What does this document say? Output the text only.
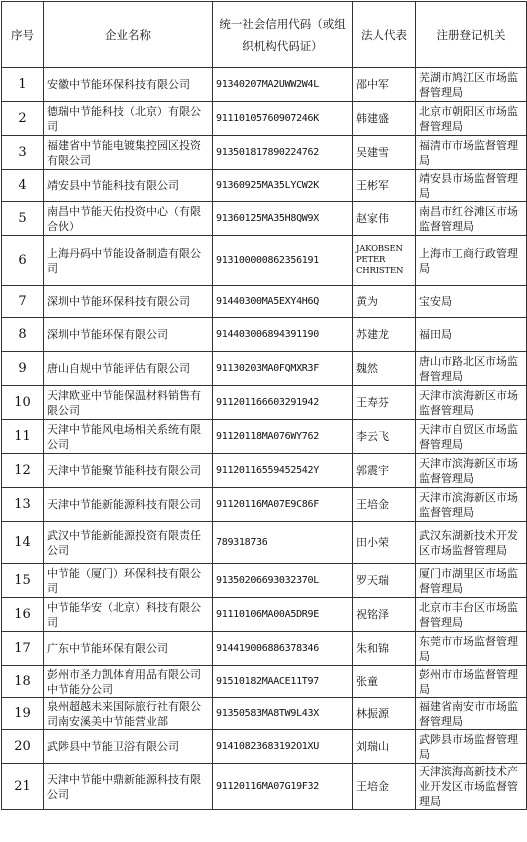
序号	企业名称	统一社会信用代码（或组织机构代码证）	法人代表	注册登记机关
1	安徽中节能环保科技有限公司	91340207MA2UWW2W4L	邵中军	芜湖市鸠江区市场监督管理局
2	德瑞中节能科技（北京）有限公司	91110105760907246K	韩建盛	北京市朝阳区市场监督管理局
3	福建省中节能电镀集控园区投资有限公司	913501817890224762	吴建雪	福清市市场监督管理局
4	靖安县中节能科技有限公司	91360925MA35LYCW2K	王彬军	靖安县市场监督管理局
5	南昌中节能天佑投资中心（有限合伙）	91360125MA35H8QW9X	赵家伟	南昌市红谷滩区市场监督管理局
6	上海丹码中节能设备制造有限公司	913100000862356191	JAKOBSEN PETER CHRISTEN	上海市工商行政管理局
7	深圳中节能环保科技有限公司	91440300MA5EXY4H6Q	黄为	宝安局
8	深圳中节能环保有限公司	914403006894391190	苏建龙	福田局
9	唐山自规中节能评估有限公司	91130203MA0FQMXR3F	魏然	唐山市路北区市场监督管理局
10	天津欧亚中节能保温材料销售有限公司	911201166603291942	王寿芬	天津市滨海新区市场监督管理局
11	天津中节能风电场相关系统有限公司	91120118MA076WY762	李云飞	天津市自贸区市场监督管理局
12	天津中节能聚节能科技有限公司	91120116559452542Y	郭震宇	天津市滨海新区市场监督管理局
13	天津中节能新能源科技有限公司	91120116MA07E9C86F	王培金	天津市滨海新区市场监督管理局
14	武汉中节能新能源投资有限责任公司	789318736	田小荣	武汉东湖新技术开发区市场监督管理局
15	中节能（厦门）环保科技有限公司	91350206693032370L	罗天瑞	厦门市湖里区市场监督管理局
16	中节能华安（北京）科技有限公司	91110106MA00A5DR9E	祝铭泽	北京市丰台区市场监督管理局
17	广东中节能环保有限公司	914419006886378346	朱和锦	东莞市市场监督管理局
18	彭州市圣力凯体育用品有限公司中节能分公司	91510182MAACE11T97	张童	彭州市市场监督管理局
19	泉州超越未来国际旅行社有限公司南安溪美中节能营业部	91350583MA8TW9L43X	林振源	福建省南安市市场监督管理局
20	武陟县中节能卫浴有限公司	91410823683192O1XU	刘瑞山	武陟县市场监督管理局
21	天津中节能中鼎新能源科技有限公司	91120116MA07G19F32	王培金	天津滨海高新技术产业开发区市场监督管理局
